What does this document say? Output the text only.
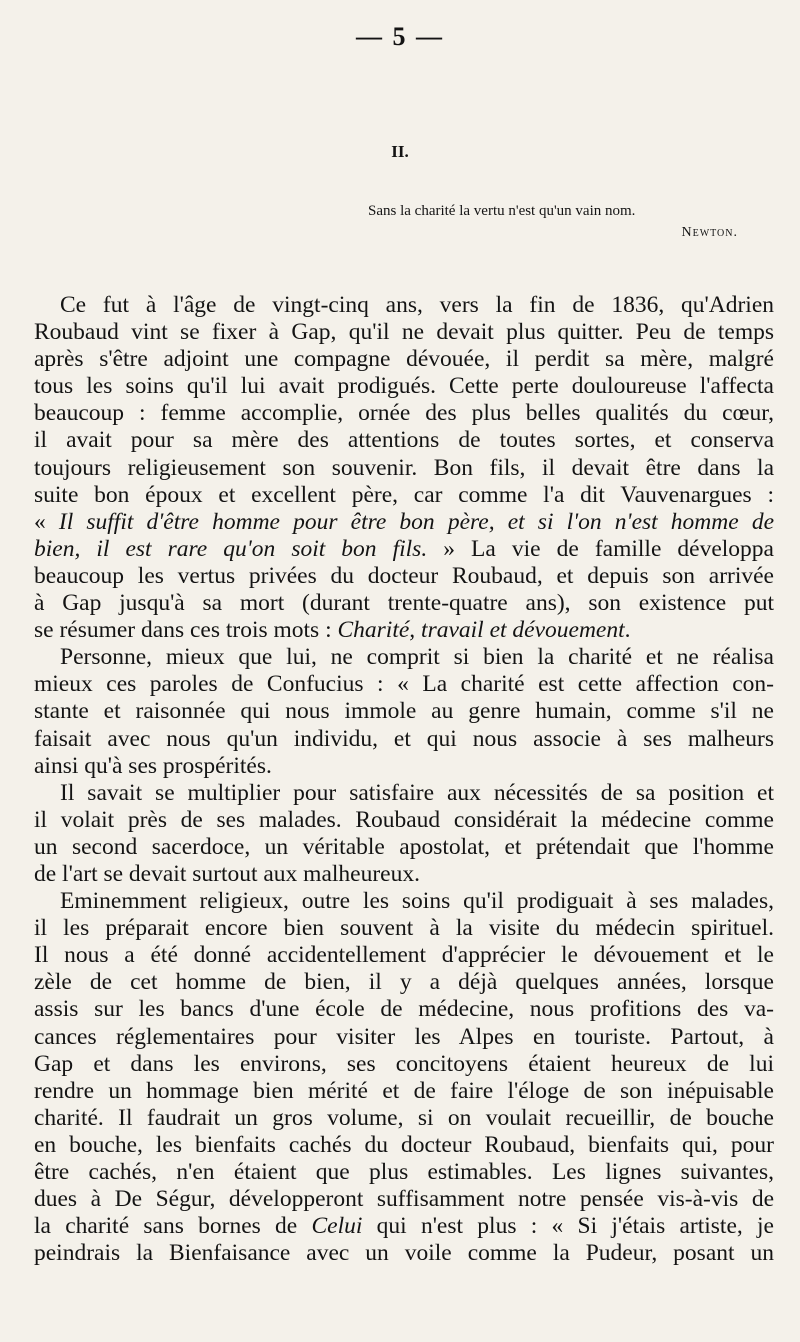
— 5 —
II.
Sans la charité la vertu n'est qu'un vain nom.
Newton.
Ce fut à l'âge de vingt-cinq ans, vers la fin de 1836, qu'Adrien
Roubaud vint se fixer à Gap, qu'il ne devait plus quitter. Peu de temps
après s'être adjoint une compagne dévouée, il perdit sa mère, malgré
tous les soins qu'il lui avait prodigués. Cette perte douloureuse l'affecta
beaucoup : femme accomplie, ornée des plus belles qualités du cœur,
il avait pour sa mère des attentions de toutes sortes, et conserva
toujours religieusement son souvenir. Bon fils, il devait être dans la
suite bon époux et excellent père, car comme l'a dit Vauvenargues :
« Il suffit d'être homme pour être bon père, et si l'on n'est homme de
bien, il est rare qu'on soit bon fils. » La vie de famille développa
beaucoup les vertus privées du docteur Roubaud, et depuis son arrivée
à Gap jusqu'à sa mort (durant trente-quatre ans), son existence put
se résumer dans ces trois mots : Charité, travail et dévouement.
Personne, mieux que lui, ne comprit si bien la charité et ne réalisa
mieux ces paroles de Confucius : « La charité est cette affection con-
stante et raisonnée qui nous immole au genre humain, comme s'il ne
faisait avec nous qu'un individu, et qui nous associe à ses malheurs
ainsi qu'à ses prospérités.
Il savait se multiplier pour satisfaire aux nécessités de sa position et
il volait près de ses malades. Roubaud considérait la médecine comme
un second sacerdoce, un véritable apostolat, et prétendait que l'homme
de l'art se devait surtout aux malheureux.
Eminemment religieux, outre les soins qu'il prodiguait à ses malades,
il les préparait encore bien souvent à la visite du médecin spirituel.
Il nous a été donné accidentellement d'apprécier le dévouement et le
zèle de cet homme de bien, il y a déjà quelques années, lorsque
assis sur les bancs d'une école de médecine, nous profitions des va-
cances réglementaires pour visiter les Alpes en touriste. Partout, à
Gap et dans les environs, ses concitoyens étaient heureux de lui
rendre un hommage bien mérité et de faire l'éloge de son inépuisable
charité. Il faudrait un gros volume, si on voulait recueillir, de bouche
en bouche, les bienfaits cachés du docteur Roubaud, bienfaits qui, pour
être cachés, n'en étaient que plus estimables. Les lignes suivantes,
dues à De Ségur, développeront suffisamment notre pensée vis-à-vis de
la charité sans bornes de Celui qui n'est plus : « Si j'étais artiste, je
peindrais la Bienfaisance avec un voile comme la Pudeur, posant un
